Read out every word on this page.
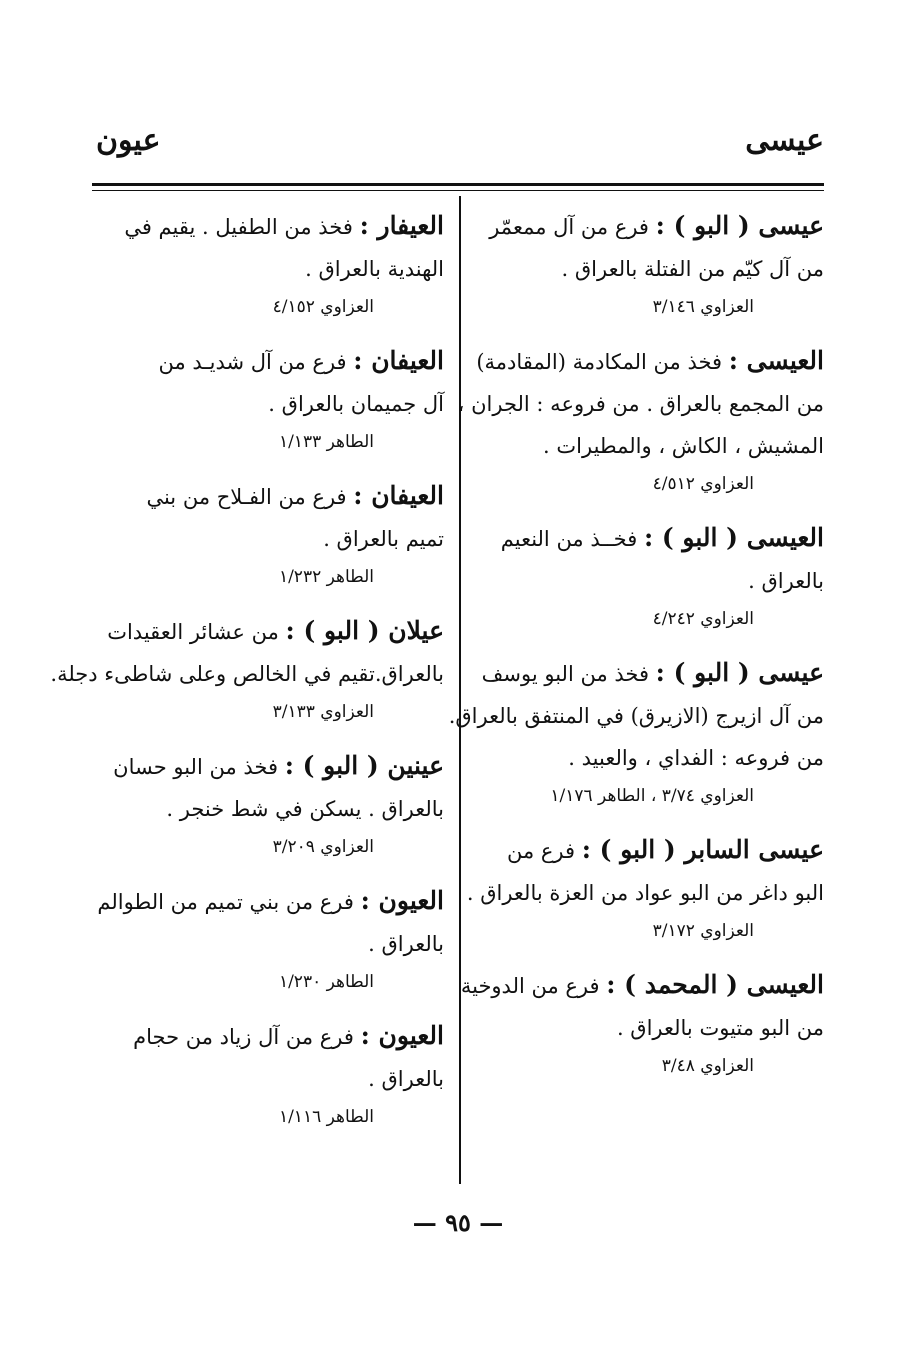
عيسى
عيون
عيسى ( البو ) : فرع من آل ممعمّر
من آل كيّم من الفتلة بالعراق .
العزاوي ٣/١٤٦
العيسى : فخذ من المكادمة (المقادمة)
من المجمع بالعراق . من فروعه : الجران ،
المشيش ، الكاش ، والمطيرات .
العزاوي ٤/٥١٢
العيسى ( البو ) : فخــذ من النعيم
بالعراق .
العزاوي ٤/٢٤٢
عيسى ( البو ) : فخذ من البو يوسف
من آل ازيرج (الازيرق) في المنتفق بالعراق.
من فروعه : الفداي ، والعبيد .
العزاوي ٣/٧٤ ، الطاهر ١/١٧٦
عيسى السابر ( البو ) : فرع من
البو داغر من البو عواد من العزة بالعراق .
العزاوي ٣/١٧٢
العيسى ( المحمد ) : فرع من الدوخية
من البو متيوت بالعراق .
العزاوي ٣/٤٨
العيفار : فخذ من الطفيل . يقيم في
الهندية بالعراق .
العزاوي ٤/١٥٢
العيفان : فرع من آل شديـد من
آل جميمان بالعراق .
الطاهر ١/١٣٣
العيفان : فرع من الفـلاح من بني
تميم بالعراق .
الطاهر ١/٢٣٢
عيلان ( البو ) : من عشائر العقيدات
بالعراق.تقيم في الخالص وعلى شاطىء دجلة.
العزاوي ٣/١٣٣
عينين ( البو ) : فخذ من البو حسان
بالعراق . يسكن في شط خنجر .
العزاوي ٣/٢٠٩
العيون : فرع من بني تميم من الطوالم
بالعراق .
الطاهر ١/٢٣٠
العيون : فرع من آل زياد من حجام
بالعراق .
الطاهر ١/١١٦
— ٩٥ —
